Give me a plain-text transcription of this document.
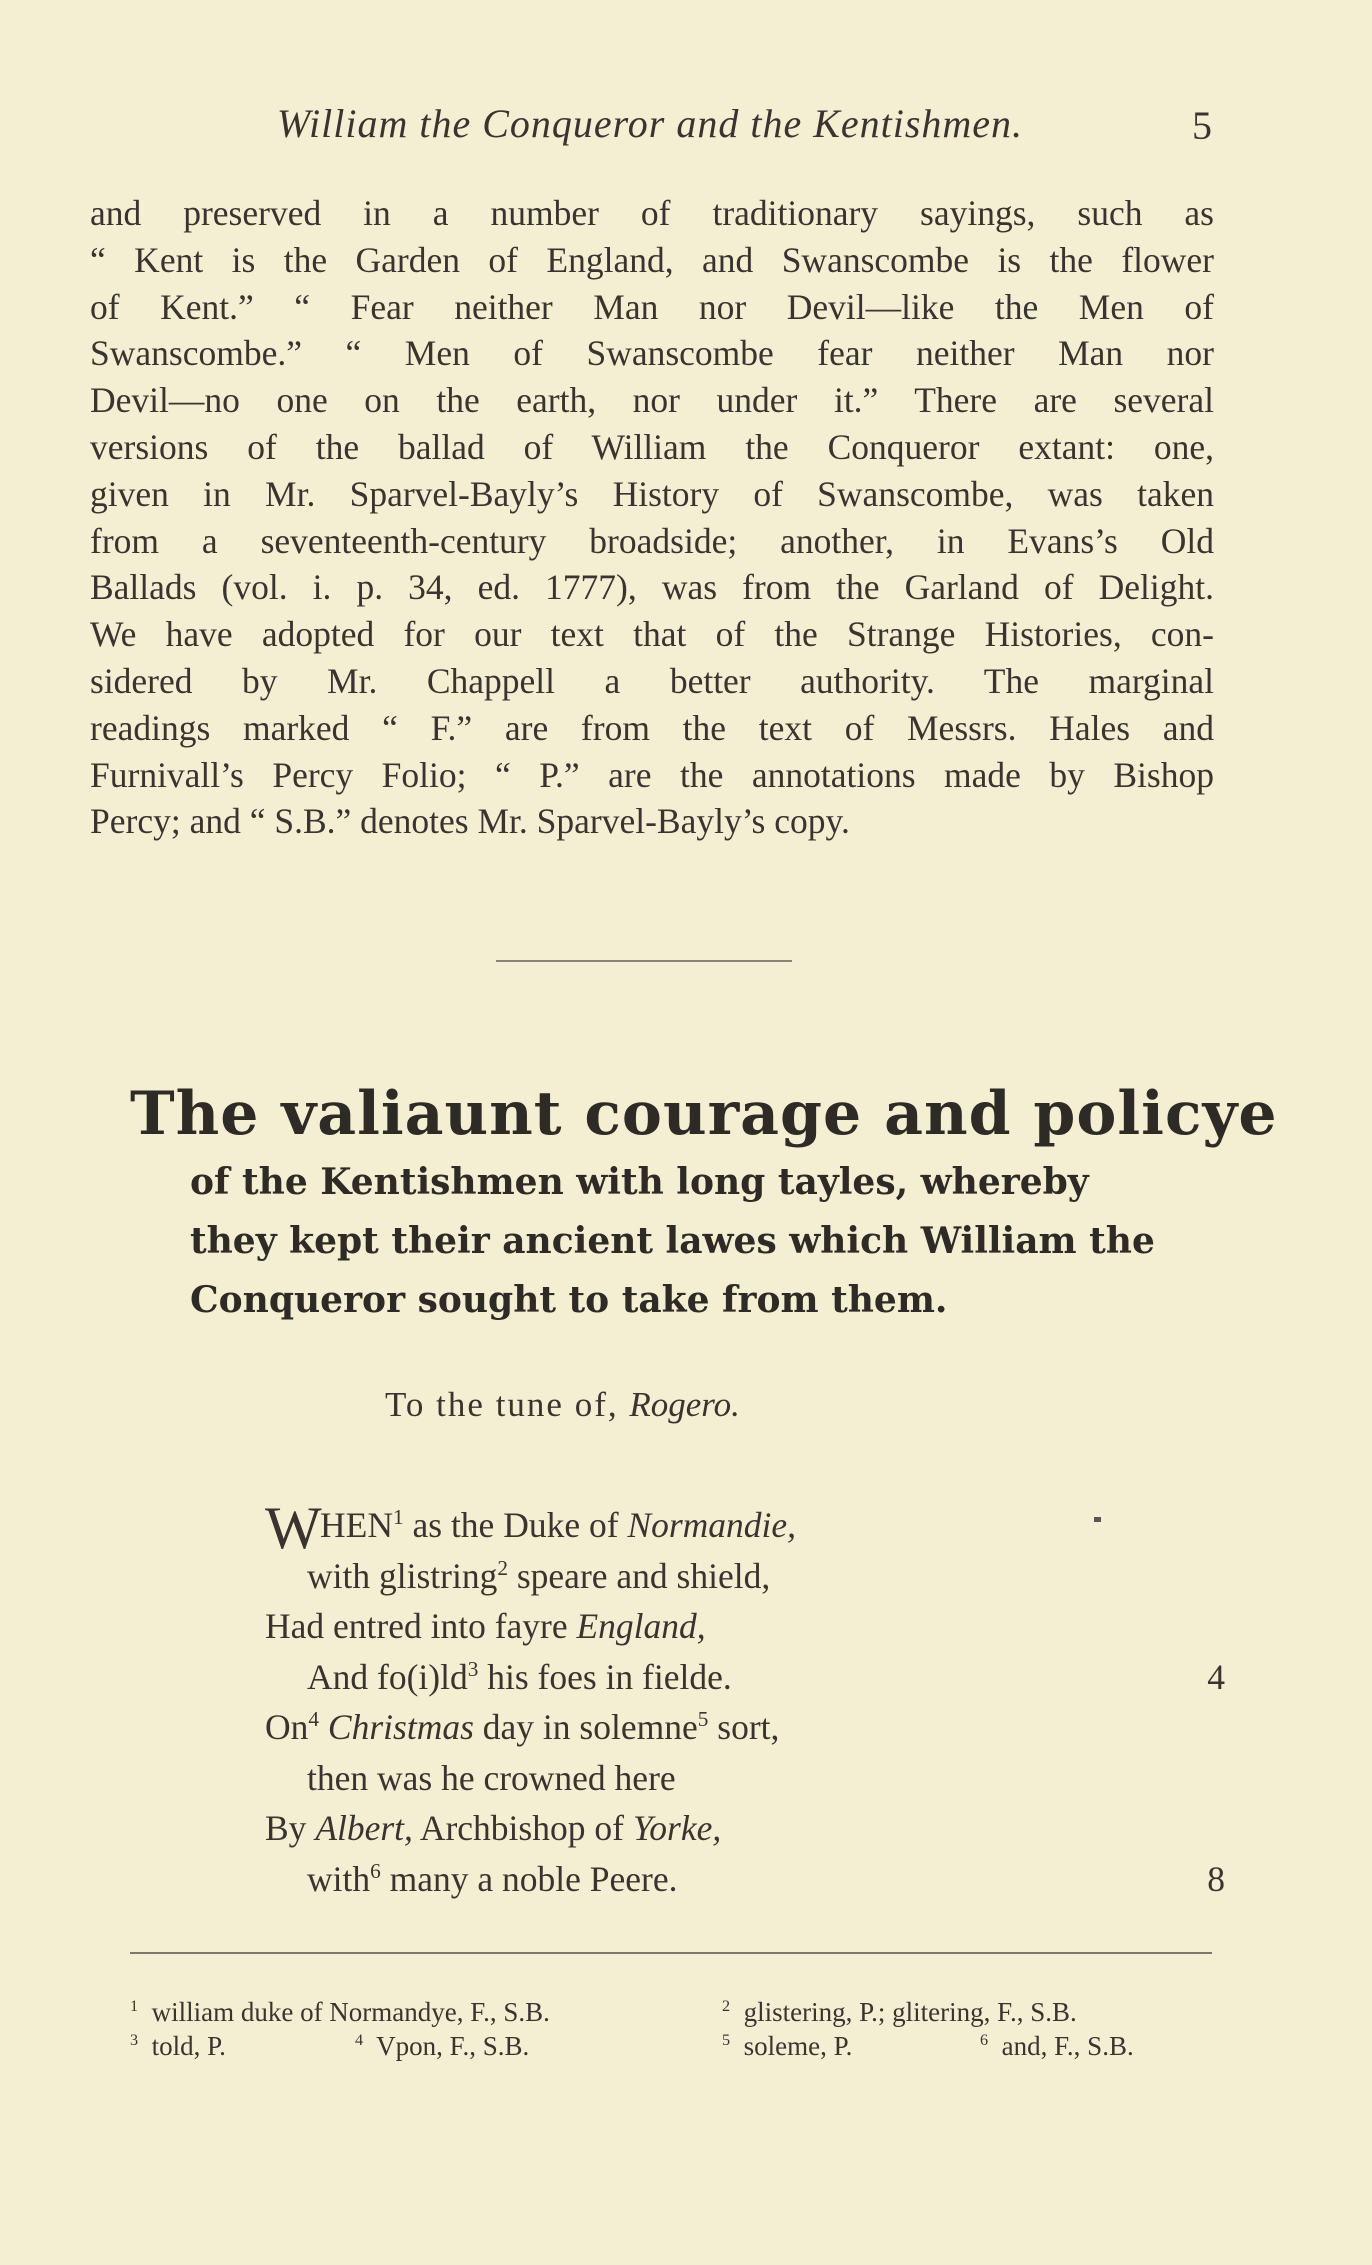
William the Conqueror and the Kentishmen.	5

and preserved in a number of traditionary sayings, such as
“ Kent is the Garden of England, and Swanscombe is the flower
of Kent.” “ Fear neither Man nor Devil—like the Men of
Swanscombe.” “ Men of Swanscombe fear neither Man nor
Devil—no one on the earth, nor under it.” There are several
versions of the ballad of William the Conqueror extant: one,
given in Mr. Sparvel-Bayly’s History of Swanscombe, was taken
from a seventeenth-century broadside; another, in Evans’s Old
Ballads (vol. i. p. 34, ed. 1777), was from the Garland of Delight.
We have adopted for our text that of the Strange Histories, con-
sidered by Mr. Chappell a better authority. The marginal
readings marked “ F.” are from the text of Messrs. Hales and
Furnivall’s Percy Folio; “ P.” are the annotations made by Bishop
Percy; and “ S.B.” denotes Mr. Sparvel-Bayly’s copy.

The valiaunt courage and policye
of the Kentishmen with long tayles, whereby
they kept their ancient lawes which William the
Conqueror sought to take from them.
To the tune of, Rogero.
W
HEN$^1$ as the Duke of Normandie,
with glistring$^2$ speare and shield,
Had entred into fayre England,
And $fo(i)ld^3$ his foes in fielde.	4
On$^4$ Christmas day in solemne$^5$ sort,
then was he crowned here
By Albert, Archbishop of Yorke,
with$^6$ many a noble Peere.	8
$^1$ william duke of Normandye, F., S.B.	$^2$ glistering, P.; glitering, F., S.B.
$^3$ told, P.	$^4$ Vpon, F., S.B.	$^5$ soleme, P.	$^6$ and, F., S.B.
